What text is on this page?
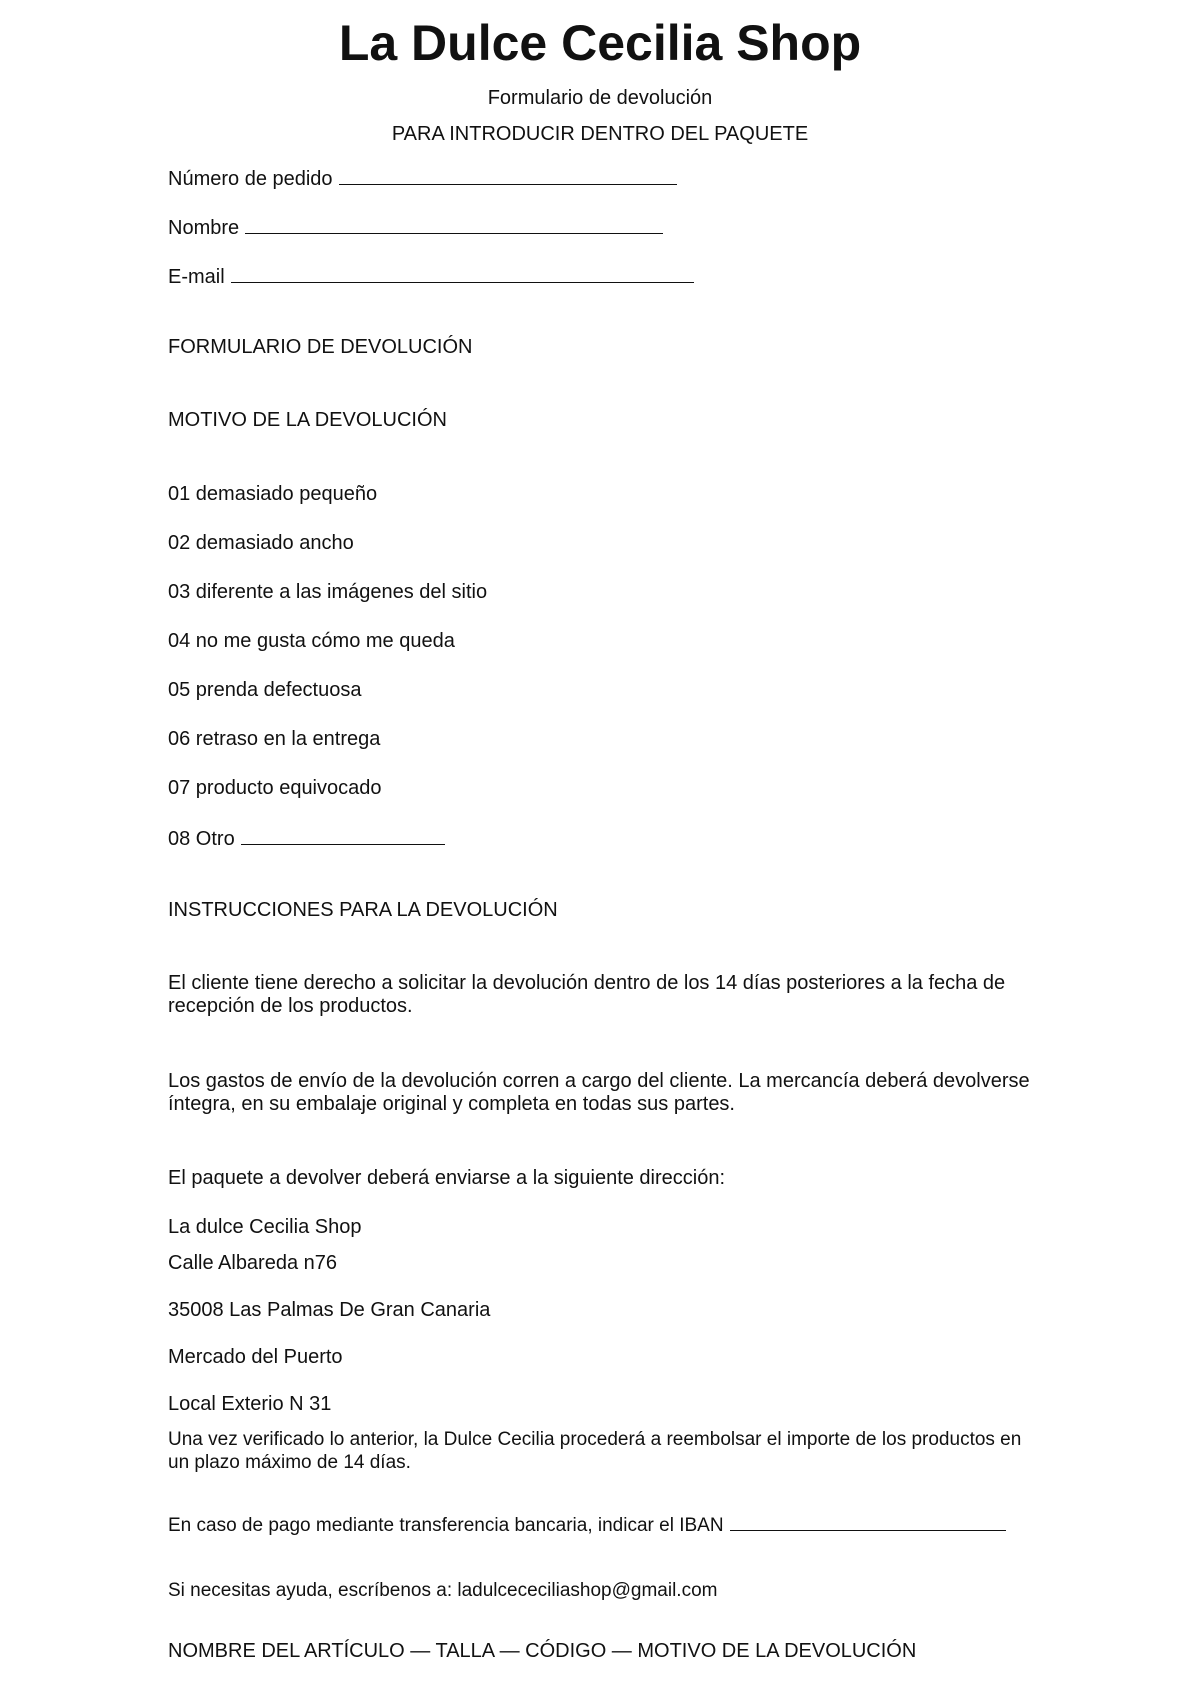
La Dulce Cecilia Shop
Formulario de devolución
PARA INTRODUCIR DENTRO DEL PAQUETE
Número de pedido
Nombre
E-mail
FORMULARIO DE DEVOLUCIÓN
MOTIVO DE LA DEVOLUCIÓN
01 demasiado pequeño
02 demasiado ancho
03 diferente a las imágenes del sitio
04 no me gusta cómo me queda
05 prenda defectuosa
06 retraso en la entrega
07 producto equivocado
08 Otro
INSTRUCCIONES PARA LA DEVOLUCIÓN

El cliente tiene derecho a solicitar la devolución dentro de los 14 días posteriores a la fecha de recepción de los productos.

Los gastos de envío de la devolución corren a cargo del cliente. La mercancía deberá devolverse íntegra, en su embalaje original y completa en todas sus partes.

El paquete a devolver deberá enviarse a la siguiente dirección:

La dulce Cecilia Shop
Calle Albareda n76
35008 Las Palmas De Gran Canaria
Mercado del Puerto
Local Exterio N 31

Una vez verificado lo anterior, la Dulce Cecilia procederá a reembolsar el importe de los productos en un plazo máximo de 14 días.

En caso de pago mediante transferencia bancaria, indicar el IBAN
Si necesitas ayuda, escríbenos a: ladulcececiliashop@gmail.com
NOMBRE DEL ARTÍCULO — TALLA — CÓDIGO — MOTIVO DE LA DEVOLUCIÓN
